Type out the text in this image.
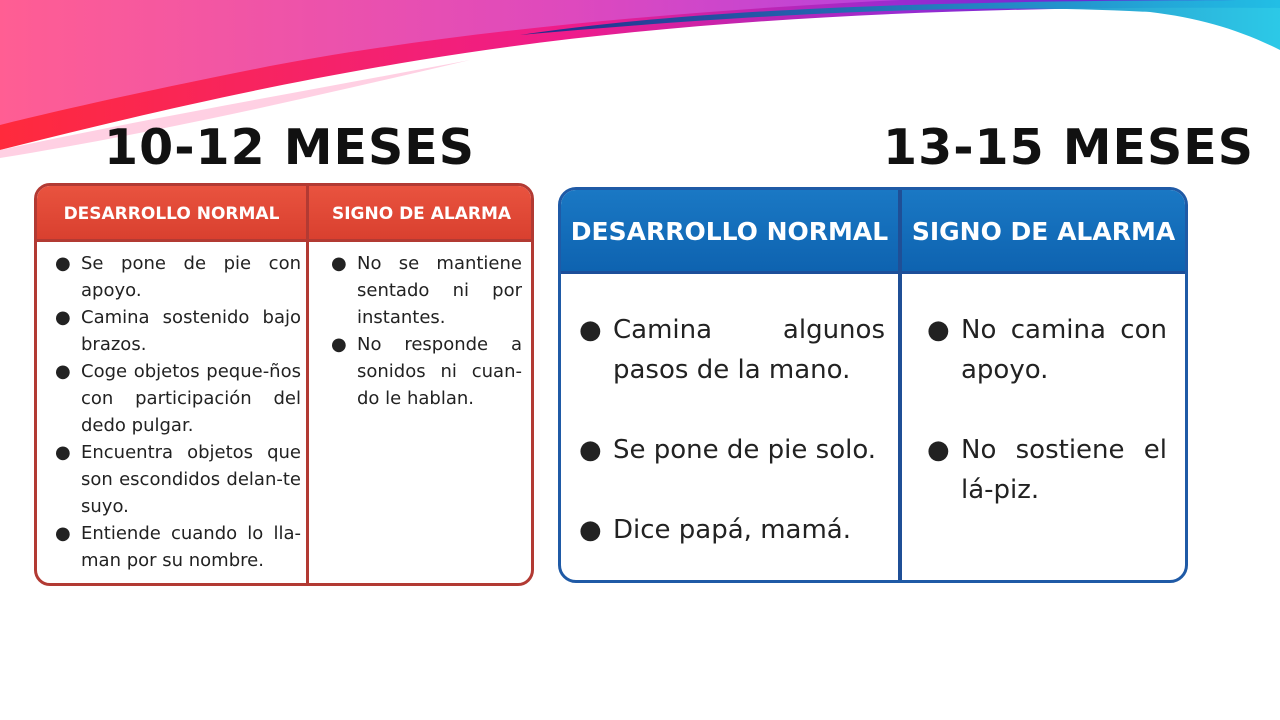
10-12 MESES	13-15 MESES
DESARROLLO NORMAL	SIGNO DE ALARMA
● Se pone de pie con apoyo.
● Camina sostenido bajo brazos.
● Coge objetos peque-ños con participación del dedo pulgar.
● Encuentra objetos que son escondidos delan-te suyo.
● Entiende cuando lo lla-man por su nombre.
● No se mantiene sentado ni por instantes.
● No responde a sonidos ni cuan-do le hablan.
DESARROLLO NORMAL SIGNO DE ALARMA
● Camina algunos pasos de la mano.
● Se pone de pie solo.
● Dice papá, mamá.
● No camina con apoyo.
● No sostiene el lá-piz.
